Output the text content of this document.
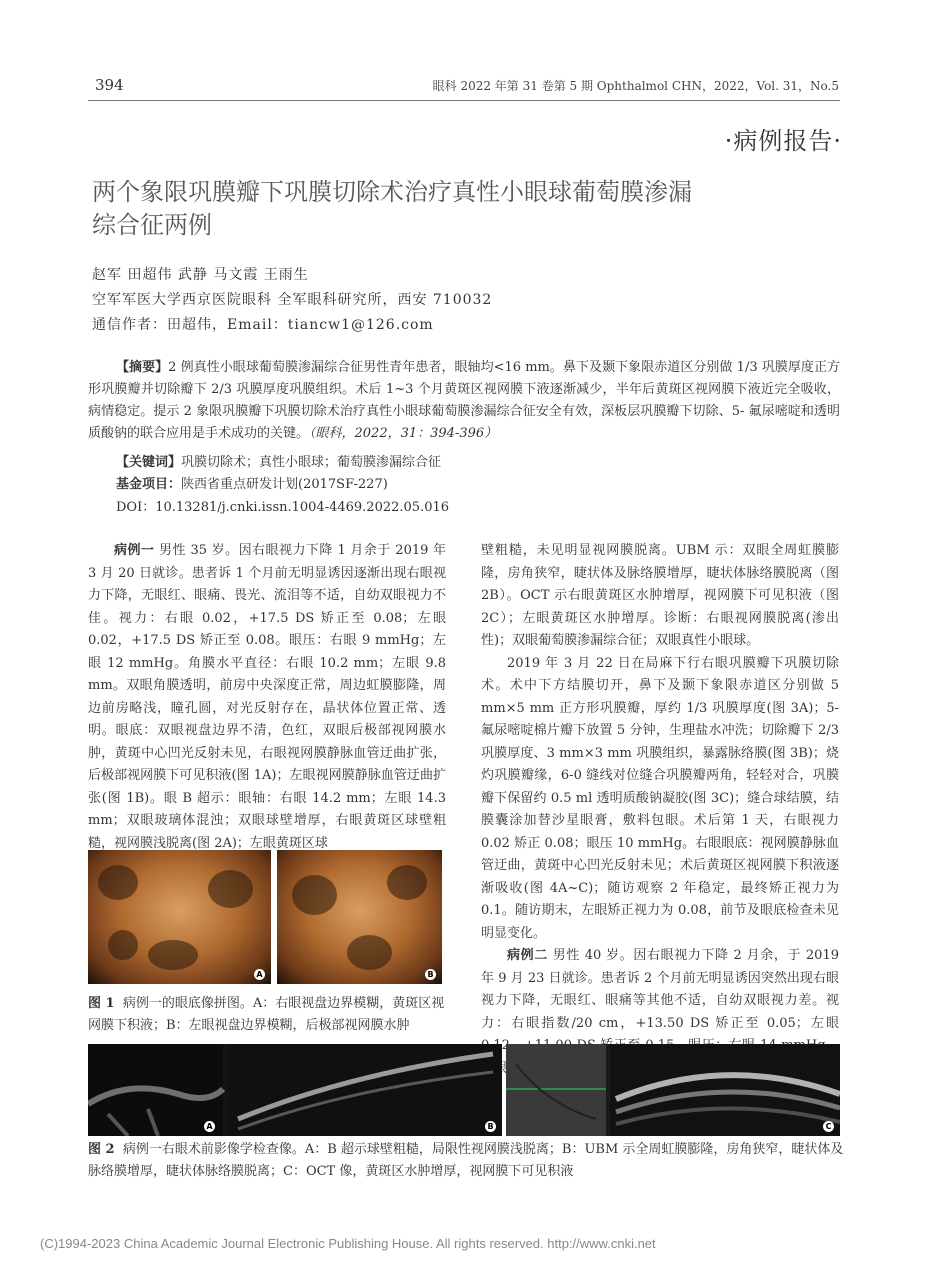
394	眼科 2022 年第 31 卷第 5 期 Ophthalmol CHN，2022，Vol. 31，No.5
·病例报告·
两个象限巩膜瓣下巩膜切除术治疗真性小眼球葡萄膜渗漏
综合征两例
赵军 田超伟 武静 马文霞 王雨生
空军军医大学西京医院眼科 全军眼科研究所，西安 710032
通信作者：田超伟，Email：tiancw1@126.com

【摘要】2 例真性小眼球葡萄膜渗漏综合征男性青年患者，眼轴均<16 mm。鼻下及颞下象限赤道区分别做 1/3 巩膜厚度正方形巩膜瓣并切除瓣下 2/3 巩膜厚度巩膜组织。术后 1~3 个月黄斑区视网膜下液逐渐减少，半年后黄斑区视网膜下液近完全吸收，病情稳定。提示 2 象限巩膜瓣下巩膜切除术治疗真性小眼球葡萄膜渗漏综合征安全有效，深板层巩膜瓣下切除、5- 氟尿嘧啶和透明质酸钠的联合应用是手术成功的关键。（眼科，2022，31：394-396）

【关键词】巩膜切除术；真性小眼球；葡萄膜渗漏综合征
基金项目：陕西省重点研发计划(2017SF-227)
DOI：10.13281/j.cnki.issn.1004-4469.2022.05.016

病例一 男性 35 岁。因右眼视力下降 1 月余于 2019 年 3 月 20 日就诊。患者诉 1 个月前无明显诱因逐渐出现右眼视力下降，无眼红、眼痛、畏光、流泪等不适，自幼双眼视力不佳。视力：右眼 0.02，+17.5 DS 矫正至 0.08；左眼 0.02，+17.5 DS 矫正至 0.08。眼压：右眼 9 mmHg；左眼 12 mmHg。角膜水平直径：右眼 10.2 mm；左眼 9.8 mm。双眼角膜透明，前房中央深度正常，周边虹膜膨隆，周边前房略浅，瞳孔圆，对光反射存在，晶状体位置正常、透明。眼底：双眼视盘边界不清，色红，双眼后极部视网膜水肿，黄斑中心凹光反射未见，右眼视网膜静脉血管迂曲扩张，后极部视网膜下可见积液(图 1A)；左眼视网膜静脉血管迂曲扩张(图 1B)。眼 B 超示：眼轴：右眼 14.2 mm；左眼 14.3 mm；双眼玻璃体混浊；双眼球壁增厚，右眼黄斑区球壁粗糙，视网膜浅脱离(图 2A)；左眼黄斑区球

A	B
图 1 病例一的眼底像拼图。A：右眼视盘边界模糊，黄斑区视网膜下积液；B：左眼视盘边界模糊，后极部视网膜水肿

壁粗糙，未见明显视网膜脱离。UBM 示：双眼全周虹膜膨隆，房角狭窄，睫状体及脉络膜增厚，睫状体脉络膜脱离（图 2B）。OCT 示右眼黄斑区水肿增厚，视网膜下可见积液（图 2C）；左眼黄斑区水肿增厚。诊断：右眼视网膜脱离(渗出性)；双眼葡萄膜渗漏综合征；双眼真性小眼球。

2019 年 3 月 22 日在局麻下行右眼巩膜瓣下巩膜切除术。术中下方结膜切开，鼻下及颞下象限赤道区分别做 5 mm×5 mm 正方形巩膜瓣，厚约 1/3 巩膜厚度(图 3A)；5- 氟尿嘧啶棉片瓣下放置 5 分钟，生理盐水冲洗；切除瓣下 2/3 巩膜厚度、3 mm×3 mm 巩膜组织，暴露脉络膜(图 3B)；烧灼巩膜瓣缘，6-0 缝线对位缝合巩膜瓣两角，轻轻对合，巩膜瓣下保留约 0.5 ml 透明质酸钠凝胶(图 3C)；缝合球结膜，结膜囊涂加替沙星眼膏，敷料包眼。术后第 1 天，右眼视力 0.02 矫正 0.08；眼压 10 mmHg。右眼眼底：视网膜静脉血管迂曲，黄斑中心凹光反射未见；术后黄斑区视网膜下积液逐渐吸收(图 4A~C)；随访观察 2 年稳定，最终矫正视力为 0.1。随访期末，左眼矫正视力为 0.08，前节及眼底检查未见明显变化。

病例二 男性 40 岁。因右眼视力下降 2 月余，于 2019 年 9 月 23 日就诊。患者诉 2 个月前无明显诱因突然出现右眼视力下降，无眼红、眼痛等其他不适，自幼双眼视力差。视力：右眼指数/20 cm，+13.50 DS 矫正至 0.05；左眼

A	B	C
图 2 病例一右眼术前影像学检查像。A：B 超示球壁粗糙，局限性视网膜浅脱离；B：UBM 示全周虹膜膨隆，房角狭窄，睫状体及脉络膜增厚，睫状体脉络膜脱离；C：OCT 像，黄斑区水肿增厚，视网膜下可见积液
(C)1994-2023 China Academic Journal Electronic Publishing House. All rights reserved. http://www.cnki.net
